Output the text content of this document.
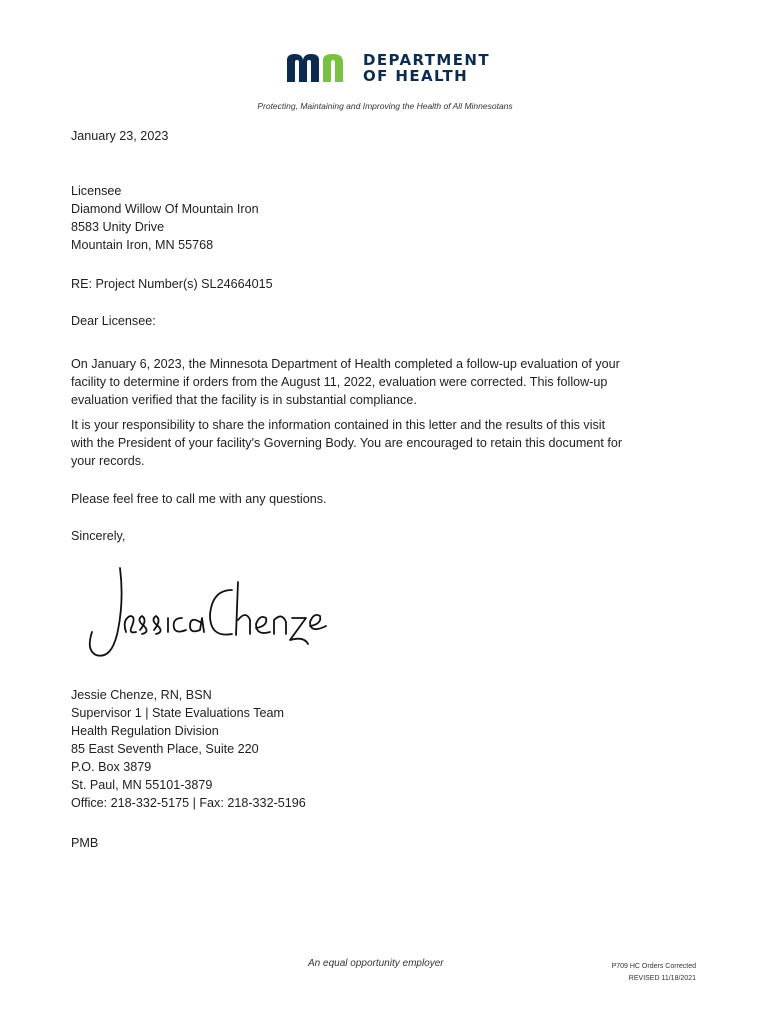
DEPARTMENT
OF HEALTH
Protecting, Maintaining and Improving the Health of All Minnesotans
January 23, 2023
Licensee
Diamond Willow Of Mountain Iron
8583 Unity Drive
Mountain Iron, MN 55768
RE: Project Number(s) SL24664015
Dear Licensee:
On January 6, 2023, the Minnesota Department of Health completed a follow-up evaluation of your
facility to determine if orders from the August 11, 2022, evaluation were corrected. This follow-up
evaluation verified that the facility is in substantial compliance.
It is your responsibility to share the information contained in this letter and the results of this visit
with the President of your facility's Governing Body. You are encouraged to retain this document for
your records.
Please feel free to call me with any questions.
Sincerely,
Jessie Chenze, RN, BSN
Supervisor 1 | State Evaluations Team
Health Regulation Division
85 East Seventh Place, Suite 220
P.O. Box 3879
St. Paul, MN 55101-3879
Office: 218-332-5175 | Fax: 218-332-5196
PMB
An equal opportunity employer	P709 HC Orders Corrected
REVISED 11/18/2021
